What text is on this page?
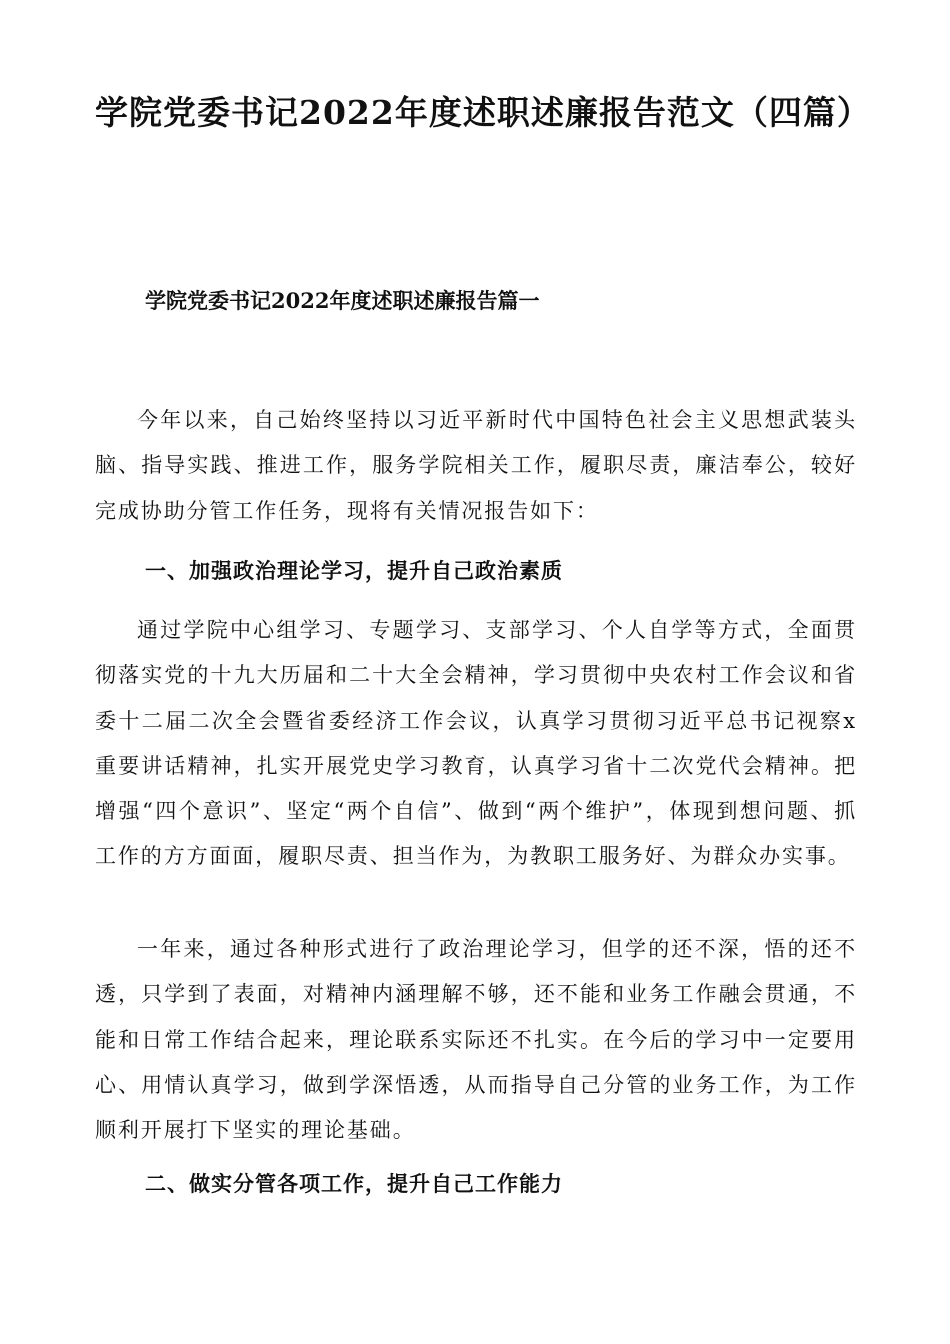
学院党委书记2022年度述职述廉报告范文（四篇）
学院党委书记2022年度述职述廉报告篇一

今年以来，自己始终坚持以习近平新时代中国特色社会主义思想武装头脑、指导实践、推进工作，服务学院相关工作，履职尽责，廉洁奉公，较好完成协助分管工作任务，现将有关情况报告如下：

一、加强政治理论学习，提升自己政治素质

通过学院中心组学习、专题学习、支部学习、个人自学等方式，全面贯彻落实党的十九大历届和二十大全会精神，学习贯彻中央农村工作会议和省委十二届二次全会暨省委经济工作会议，认真学习贯彻习近平总书记视察x重要讲话精神，扎实开展党史学习教育，认真学习省十二次党代会精神。把增强“四个意识”、坚定“两个自信”、做到“两个维护”，体现到想问题、抓工作的方方面面，履职尽责、担当作为，为教职工服务好、为群众办实事。

一年来，通过各种形式进行了政治理论学习，但学的还不深，悟的还不透，只学到了表面，对精神内涵理解不够，还不能和业务工作融会贯通，不能和日常工作结合起来，理论联系实际还不扎实。在今后的学习中一定要用心、用情认真学习，做到学深悟透，从而指导自己分管的业务工作，为工作顺利开展打下坚实的理论基础。

二、做实分管各项工作，提升自己工作能力
